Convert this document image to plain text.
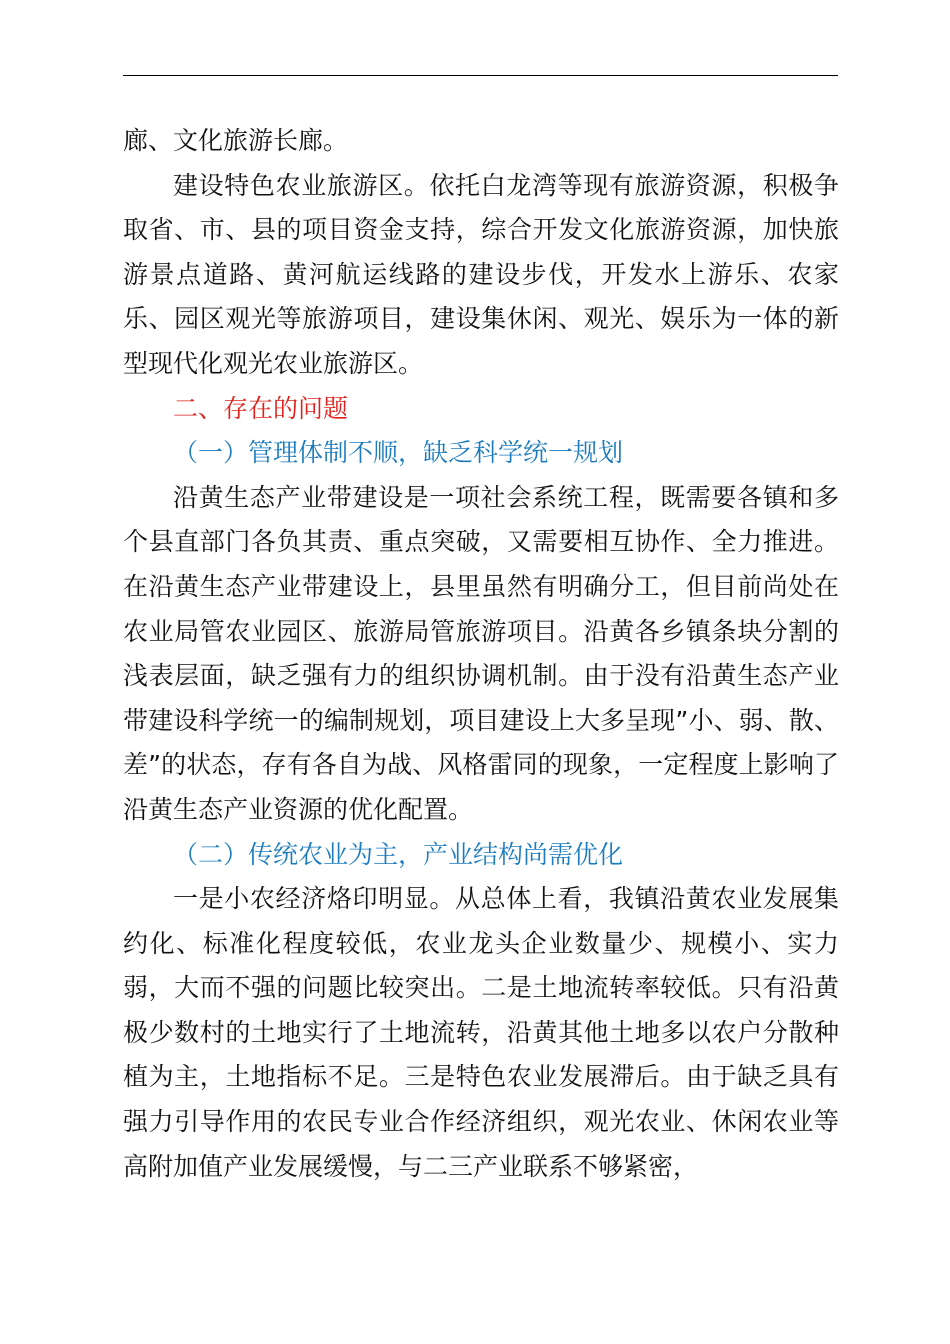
廊、文化旅游长廊。

建设特色农业旅游区。依托白龙湾等现有旅游资源，积极争取省、市、县的项目资金支持，综合开发文化旅游资源，加快旅游景点道路、黄河航运线路的建设步伐，开发水上游乐、农家乐、园区观光等旅游项目，建设集休闲、观光、娱乐为一体的新型现代化观光农业旅游区。

二、存在的问题

（一）管理体制不顺，缺乏科学统一规划

沿黄生态产业带建设是一项社会系统工程，既需要各镇和多个县直部门各负其责、重点突破，又需要相互协作、全力推进。在沿黄生态产业带建设上，县里虽然有明确分工，但目前尚处在农业局管农业园区、旅游局管旅游项目。沿黄各乡镇条块分割的浅表层面，缺乏强有力的组织协调机制。由于没有沿黄生态产业带建设科学统一的编制规划，项目建设上大多呈现”小、弱、散、差”的状态，存有各自为战、风格雷同的现象，一定程度上影响了沿黄生态产业资源的优化配置。

（二）传统农业为主，产业结构尚需优化

一是小农经济烙印明显。从总体上看，我镇沿黄农业发展集约化、标准化程度较低，农业龙头企业数量少、规模小、实力弱，大而不强的问题比较突出。二是土地流转率较低。只有沿黄极少数村的土地实行了土地流转，沿黄其他土地多以农户分散种植为主，土地指标不足。三是特色农业发展滞后。由于缺乏具有强力引导作用的农民专业合作经济组织，观光农业、休闲农业等高附加值产业发展缓慢，与二三产业联系不够紧密，
